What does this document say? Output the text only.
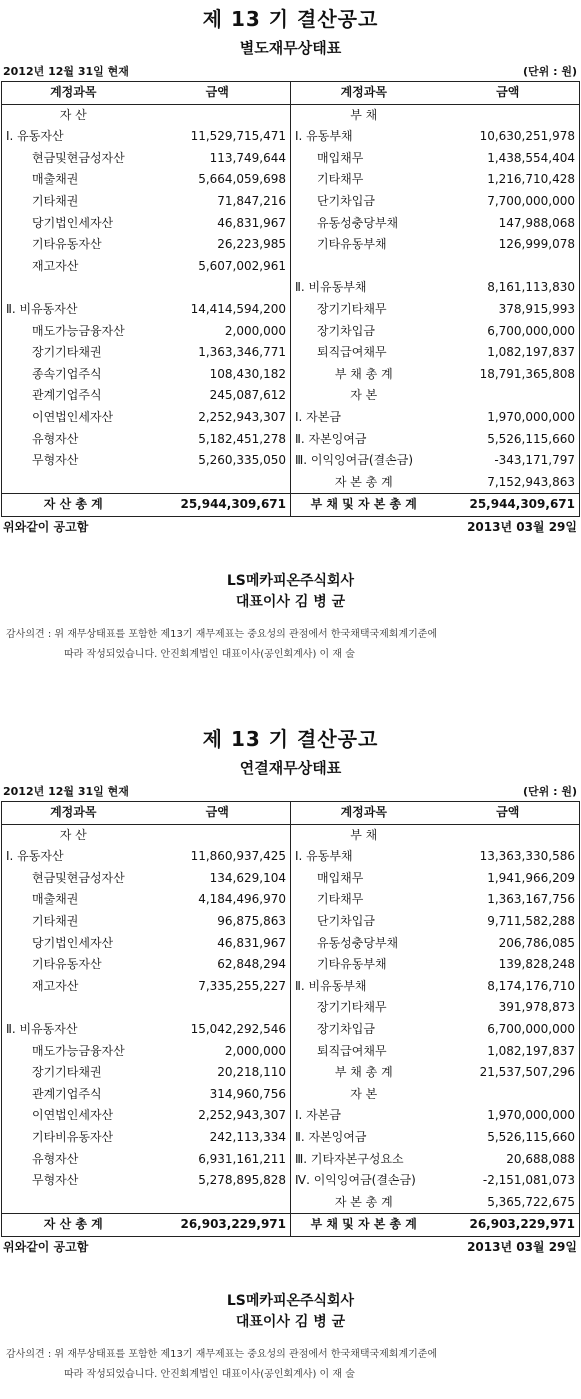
제 13 기 결산공고
별도재무상태표
2012년 12월 31일 현재	(단위 : 원)
계정과목	금액	계정과목	금액
자 산		부 채	
Ⅰ. 유동자산	11,529,715,471	Ⅰ. 유동부채	10,630,251,978
현금및현금성자산	113,749,644	매입채무	1,438,554,404
매출채권	5,664,059,698	기타채무	1,216,710,428
기타채권	71,847,216	단기차입금	7,700,000,000
당기법인세자산	46,831,967	유동성충당부채	147,988,068
기타유동자산	26,223,985	기타유동부채	126,999,078
재고자산	5,607,002,961		
		Ⅱ. 비유동부채	8,161,113,830
Ⅱ. 비유동자산	14,414,594,200	장기기타채무	378,915,993
매도가능금융자산	2,000,000	장기차입금	6,700,000,000
장기기타채권	1,363,346,771	퇴직급여채무	1,082,197,837
종속기업주식	108,430,182	부 채 총 계	18,791,365,808
관계기업주식	245,087,612	자 본	
이연법인세자산	2,252,943,307	Ⅰ. 자본금	1,970,000,000
유형자산	5,182,451,278	Ⅱ. 자본잉여금	5,526,115,660
무형자산	5,260,335,050	Ⅲ. 이익잉여금(결손금)	-343,171,797
		자 본 총 계	7,152,943,863
자 산 총 계	25,944,309,671	부 채 및 자 본 총 계	25,944,309,671
위와같이 공고함	2013년 03월 29일
LS메카피온주식회사
대표이사 김 병 균
감사의견 : 위 재무상태표를 포함한 제13기 재무제표는 중요성의 관점에서 한국채택국제회계기준에
따라 작성되었습니다. 안진회계법인 대표이사(공인회계사) 이 재 술
제 13 기 결산공고
연결재무상태표
2012년 12월 31일 현재	(단위 : 원)
계정과목	금액	계정과목	금액
자 산		부 채	
Ⅰ. 유동자산	11,860,937,425	Ⅰ. 유동부채	13,363,330,586
현금및현금성자산	134,629,104	매입채무	1,941,966,209
매출채권	4,184,496,970	기타채무	1,363,167,756
기타채권	96,875,863	단기차입금	9,711,582,288
당기법인세자산	46,831,967	유동성충당부채	206,786,085
기타유동자산	62,848,294	기타유동부채	139,828,248
재고자산	7,335,255,227	Ⅱ. 비유동부채	8,174,176,710
		장기기타채무	391,978,873
Ⅱ. 비유동자산	15,042,292,546	장기차입금	6,700,000,000
매도가능금융자산	2,000,000	퇴직급여채무	1,082,197,837
장기기타채권	20,218,110	부 채 총 계	21,537,507,296
관계기업주식	314,960,756	자 본	
이연법인세자산	2,252,943,307	Ⅰ. 자본금	1,970,000,000
기타비유동자산	242,113,334	Ⅱ. 자본잉여금	5,526,115,660
유형자산	6,931,161,211	Ⅲ. 기타자본구성요소	20,688,088
무형자산	5,278,895,828	Ⅳ. 이익잉여금(결손금)	-2,151,081,073
		자 본 총 계	5,365,722,675
자 산 총 계	26,903,229,971	부 채 및 자 본 총 계	26,903,229,971
위와같이 공고함	2013년 03월 29일
LS메카피온주식회사
대표이사 김 병 균
감사의견 : 위 재무상태표를 포함한 제13기 재무제표는 중요성의 관점에서 한국채택국제회계기준에
따라 작성되었습니다. 안진회계법인 대표이사(공인회계사) 이 재 술
